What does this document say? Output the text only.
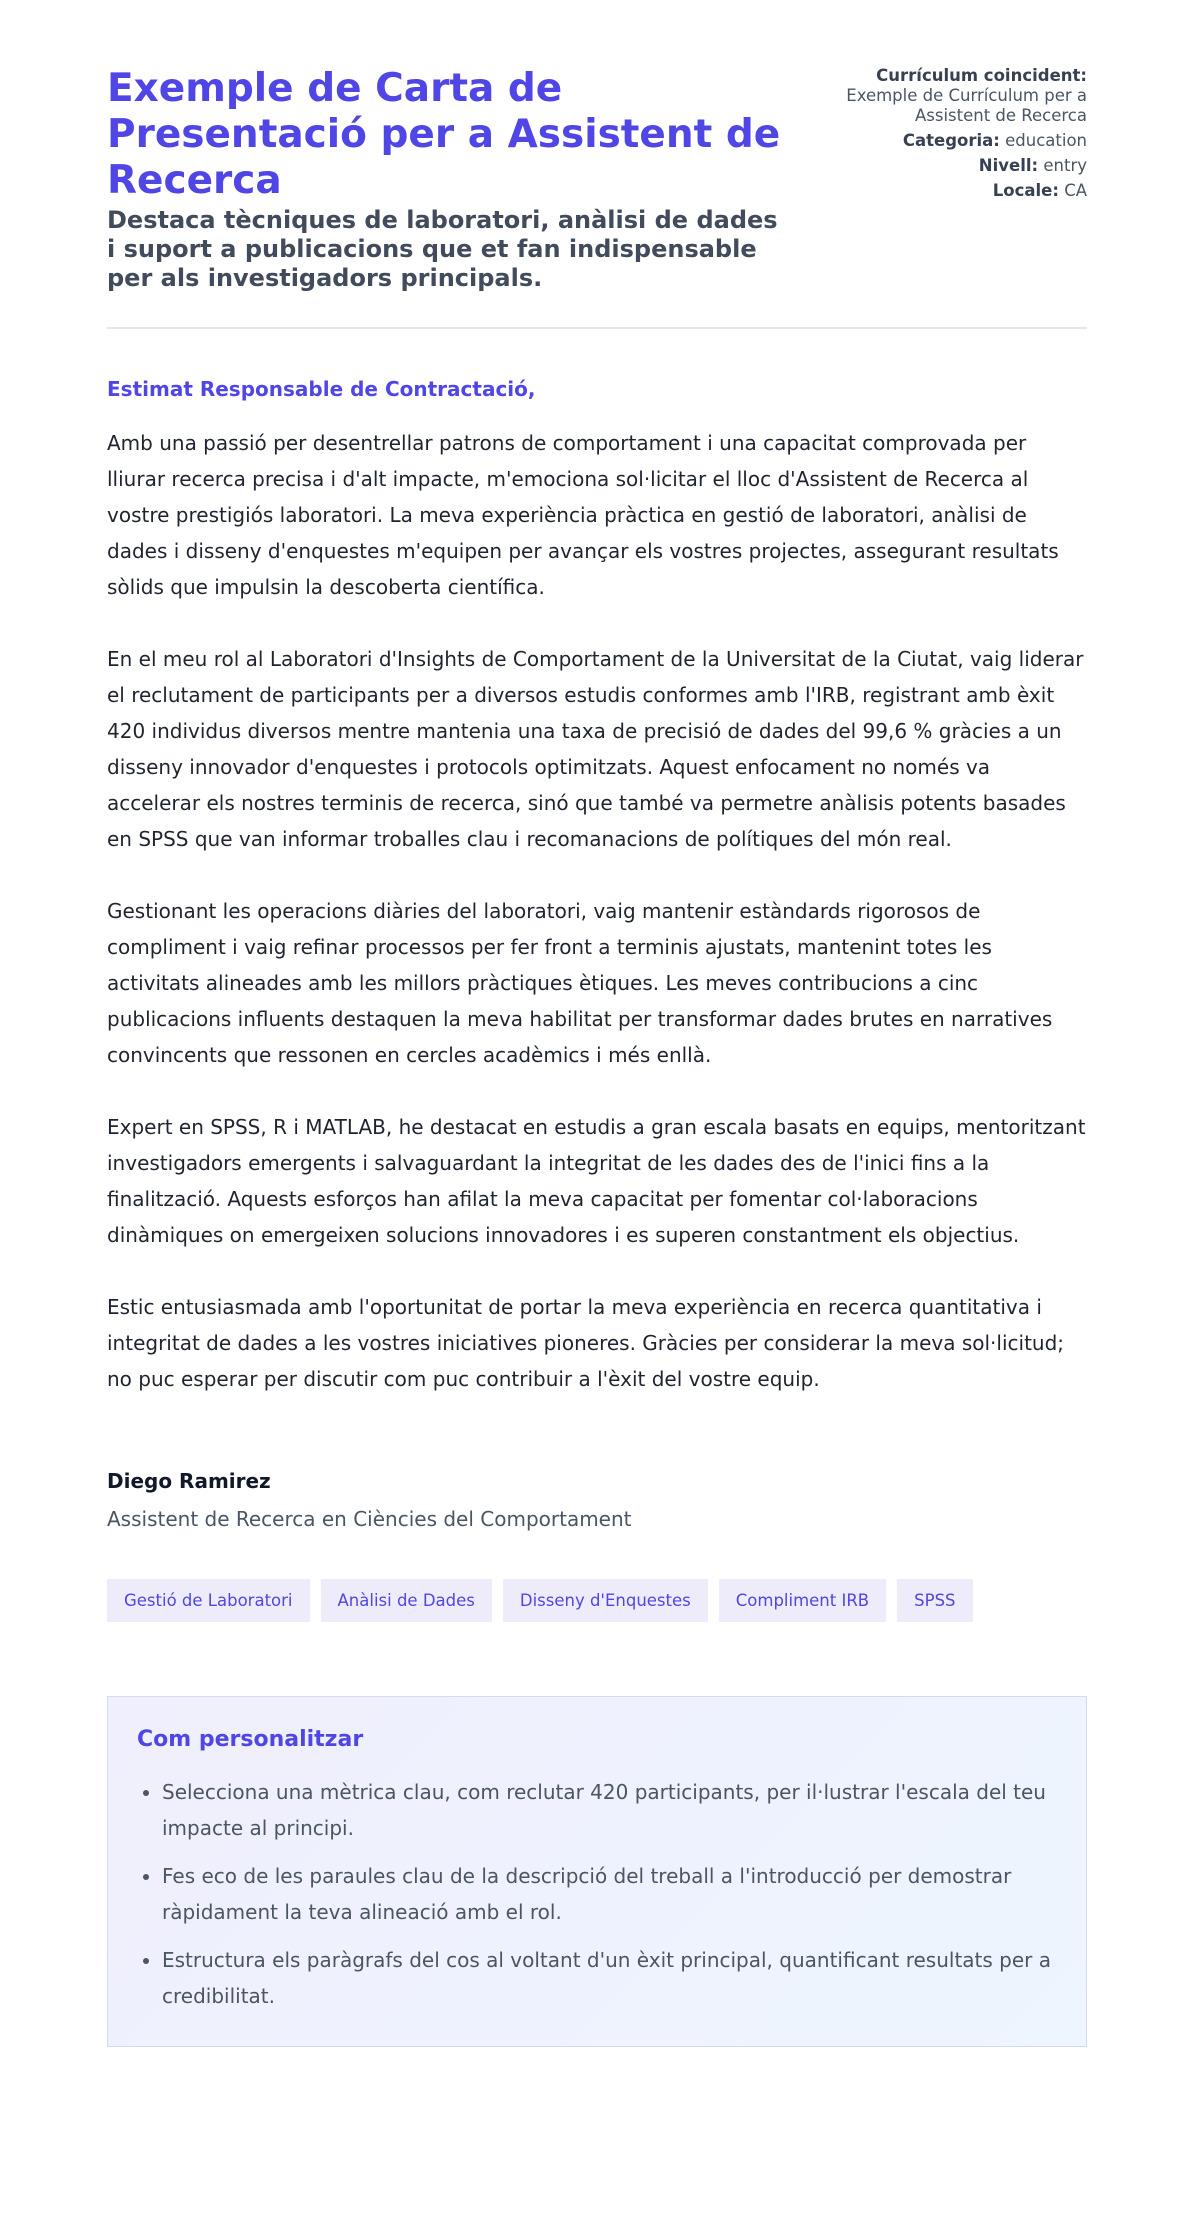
Exemple de Carta de Presentació per a Assistent de Recerca
Destaca tècniques de laboratori, anàlisi de dades i suport a publicacions que et fan indispensable per als investigadors principals.
Currículum coincident:
Exemple de Currículum per a Assistent de Recerca
Categoria: education
Nivell: entry
Locale: CA

Estimat Responsable de Contractació,

Amb una passió per desentrellar patrons de comportament i una capacitat comprovada per lliurar recerca precisa i d'alt impacte, m'emociona sol·licitar el lloc d'Assistent de Recerca al vostre prestigiós laboratori. La meva experiència pràctica en gestió de laboratori, anàlisi de dades i disseny d'enquestes m'equipen per avançar els vostres projectes, assegurant resultats sòlids que impulsin la descoberta científica.

En el meu rol al Laboratori d'Insights de Comportament de la Universitat de la Ciutat, vaig liderar el reclutament de participants per a diversos estudis conformes amb l'IRB, registrant amb èxit 420 individus diversos mentre mantenia una taxa de precisió de dades del 99,6 % gràcies a un disseny innovador d'enquestes i protocols optimitzats. Aquest enfocament no només va accelerar els nostres terminis de recerca, sinó que també va permetre anàlisis potents basades en SPSS que van informar troballes clau i recomanacions de polítiques del món real.

Gestionant les operacions diàries del laboratori, vaig mantenir estàndards rigorosos de compliment i vaig refinar processos per fer front a terminis ajustats, mantenint totes les activitats alineades amb les millors pràctiques ètiques. Les meves contribucions a cinc publicacions influents destaquen la meva habilitat per transformar dades brutes en narratives convincents que ressonen en cercles acadèmics i més enllà.

Expert en SPSS, R i MATLAB, he destacat en estudis a gran escala basats en equips, mentoritzant investigadors emergents i salvaguardant la integritat de les dades des de l'inici fins a la finalització. Aquests esforços han afilat la meva capacitat per fomentar col·laboracions dinàmiques on emergeixen solucions innovadores i es superen constantment els objectius.

Estic entusiasmada amb l'oportunitat de portar la meva experiència en recerca quantitativa i integritat de dades a les vostres iniciatives pioneres. Gràcies per considerar la meva sol·licitud; no puc esperar per discutir com puc contribuir a l'èxit del vostre equip.

Diego Ramirez
Assistent de Recerca en Ciències del Comportament
Gestió de Laboratori	Anàlisi de Dades	Disseny d'Enquestes	Compliment IRB	SPSS
Com personalitzar
• Selecciona una mètrica clau, com reclutar 420 participants, per il·lustrar l'escala del teu impacte al principi.
• Fes eco de les paraules clau de la descripció del treball a l'introducció per demostrar ràpidament la teva alineació amb el rol.
• Estructura els paràgrafs del cos al voltant d'un èxit principal, quantificant resultats per a credibilitat.
